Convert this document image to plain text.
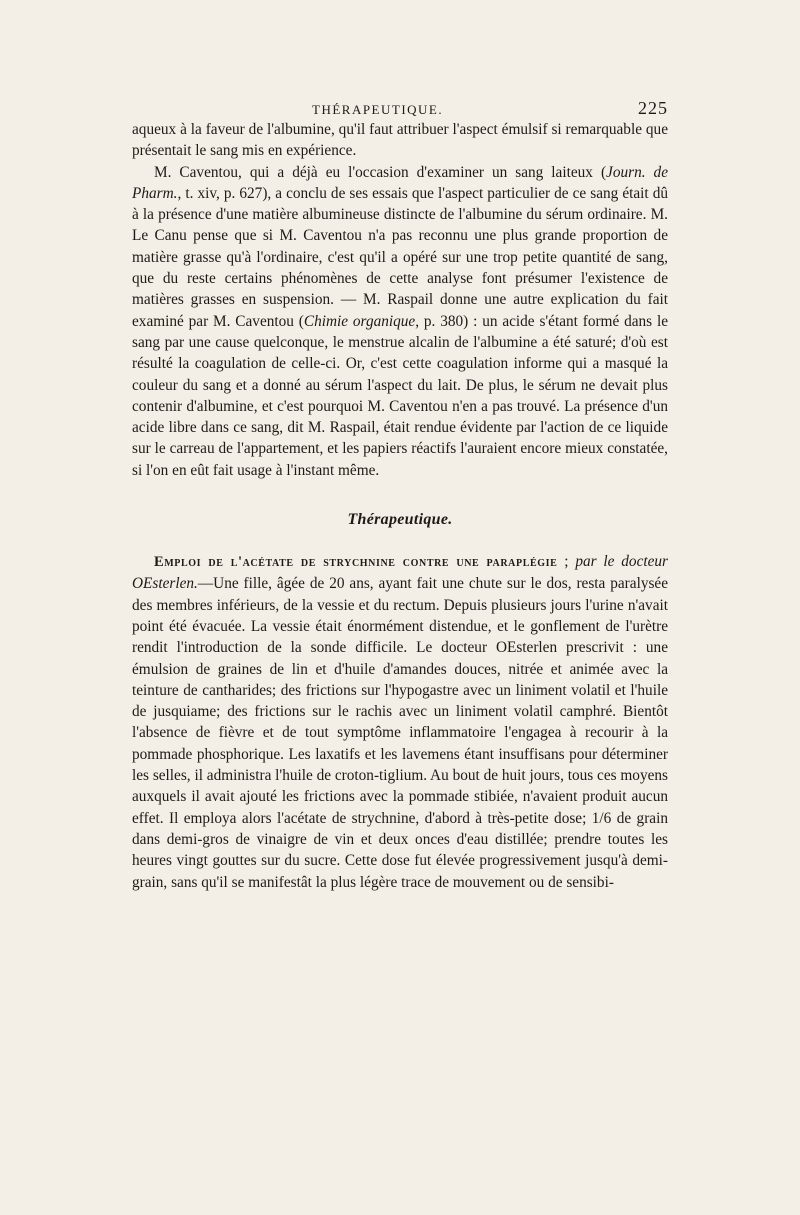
THÉRAPEUTIQUE.	225

aqueux à la faveur de l'albumine, qu'il faut attribuer l'aspect émulsif si remarquable que présentait le sang mis en expérience.

M. Caventou, qui a déjà eu l'occasion d'examiner un sang laiteux (Journ. de Pharm., t. xiv, p. 627), a conclu de ses essais que l'aspect particulier de ce sang était dû à la présence d'une matière albumineuse distincte de l'albumine du sérum ordinaire. M. Le Canu pense que si M. Caventou n'a pas reconnu une plus grande proportion de matière grasse qu'à l'ordinaire, c'est qu'il a opéré sur une trop petite quantité de sang, que du reste certains phénomènes de cette analyse font présumer l'existence de matières grasses en suspension. — M. Raspail donne une autre explication du fait examiné par M. Caventou (Chimie organique, p. 380) : un acide s'étant formé dans le sang par une cause quelconque, le menstrue alcalin de l'albumine a été saturé; d'où est résulté la coagulation de celle-ci. Or, c'est cette coagulation informe qui a masqué la couleur du sang et a donné au sérum l'aspect du lait. De plus, le sérum ne devait plus contenir d'albumine, et c'est pourquoi M. Caventou n'en a pas trouvé. La présence d'un acide libre dans ce sang, dit M. Raspail, était rendue évidente par l'action de ce liquide sur le carreau de l'appartement, et les papiers réactifs l'auraient encore mieux constatée, si l'on en eût fait usage à l'instant même.

Thérapeutique.

Emploi de l'acétate de strychnine contre une paraplégie ; par le docteur OEsterlen.—Une fille, âgée de 20 ans, ayant fait une chute sur le dos, resta paralysée des membres inférieurs, de la vessie et du rectum. Depuis plusieurs jours l'urine n'avait point été évacuée. La vessie était énormément distendue, et le gonflement de l'urètre rendit l'introduction de la sonde difficile. Le docteur OEsterlen prescrivit : une émulsion de graines de lin et d'huile d'amandes douces, nitrée et animée avec la teinture de cantharides; des frictions sur l'hypogastre avec un liniment volatil et l'huile de jusquiame; des frictions sur le rachis avec un liniment volatil camphré. Bientôt l'absence de fièvre et de tout symptôme inflammatoire l'engagea à recourir à la pommade phosphorique. Les laxatifs et les lavemens étant insuffisans pour déterminer les selles, il administra l'huile de croton-tiglium. Au bout de huit jours, tous ces moyens auxquels il avait ajouté les frictions avec la pommade stibiée, n'avaient produit aucun effet. Il employa alors l'acétate de strychnine, d'abord à très-petite dose; 1/6 de grain dans demi-gros de vinaigre de vin et deux onces d'eau distillée; prendre toutes les heures vingt gouttes sur du sucre. Cette dose fut élevée progressivement jusqu'à demi-grain, sans qu'il se manifestât la plus légère trace de mouvement ou de sensibi-
